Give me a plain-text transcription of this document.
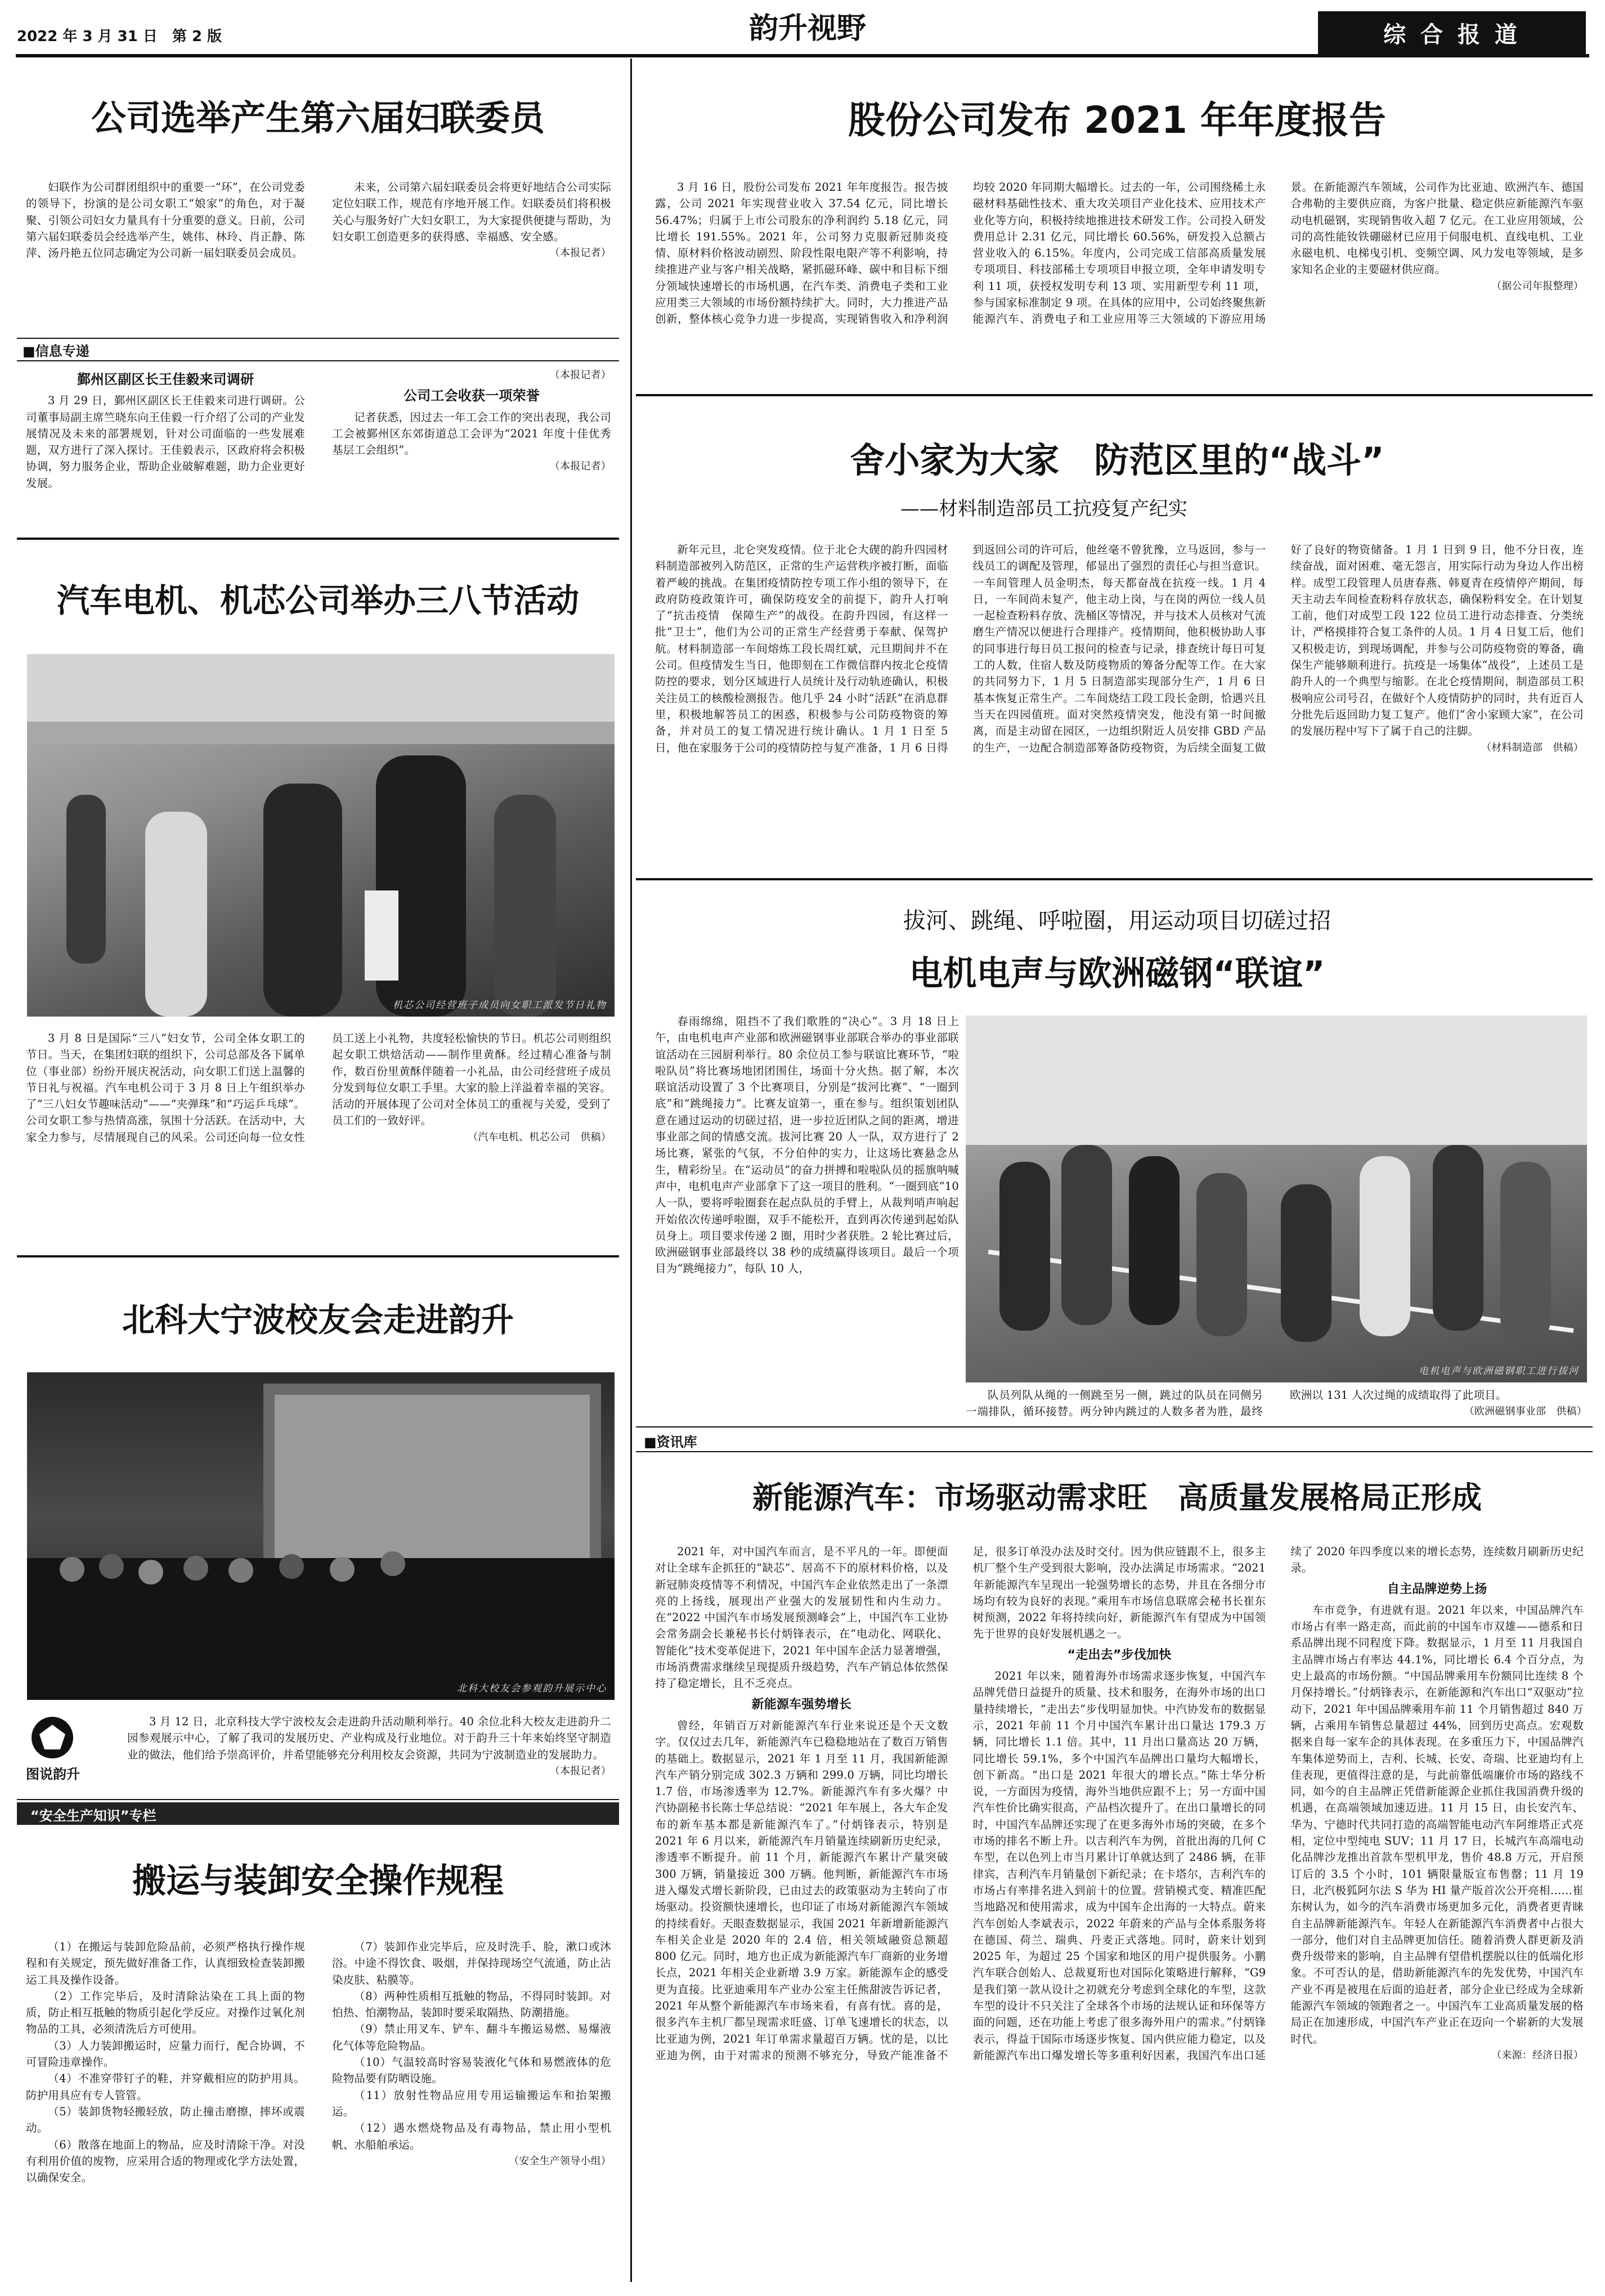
2022 年 3 月 31 日　第 2 版	韵升视野	综 合 报 道
公司选举产生第六届妇联委员

妇联作为公司群团组织中的重要一“环”，在公司党委的领导下，扮演的是公司女职工“娘家”的角色，对于凝聚、引领公司妇女力量具有十分重要的意义。日前，公司第六届妇联委员会经选举产生，姚伟、林玲、肖正静、陈萍、汤丹艳五位同志确定为公司新一届妇联委员会成员。

未来，公司第六届妇联委员会将更好地结合公司实际定位妇联工作，规范有序地开展工作。妇联委员们将积极关心与服务好广大妇女职工，为大家提供便捷与帮助，为妇女职工创造更多的获得感、幸福感、安全感。

（本报记者）

■信息专递

鄞州区副区长王佳毅来司调研

3 月 29 日，鄞州区副区长王佳毅来司进行调研。公司董事局副主席竺晓东向王佳毅一行介绍了公司的产业发展情况及未来的部署规划，针对公司面临的一些发展难题，双方进行了深入探讨。王佳毅表示，区政府将会积极协调，努力服务企业，帮助企业破解难题，助力企业更好发展。

（本报记者）

公司工会收获一项荣誉

记者获悉，因过去一年工会工作的突出表现，我公司工会被鄞州区东郊街道总工会评为“2021 年度十佳优秀基层工会组织”。

（本报记者）

汽车电机、机芯公司举办三八节活动
机芯公司经营班子成员向女职工派发节日礼物

3 月 8 日是国际“三八”妇女节，公司全体女职工的节日。当天，在集团妇联的组织下，公司总部及各下属单位（事业部）纷纷开展庆祝活动，向女职工们送上温馨的节日礼与祝福。汽车电机公司于 3 月 8 日上午组织举办了“三八妇女节趣味活动”——“夹弹珠”和“巧运乒乓球”。公司女职工参与热情高涨，氛围十分活跃。在活动中，大家全力参与，尽情展现自己的风采。公司还向每一位女性员工送上小礼物，共度轻松愉快的节日。机芯公司则组织起女职工烘焙活动——制作里黄酥。经过精心准备与制作，数百份里黄酥伴随着一小礼品，由公司经营班子成员分发到每位女职工手里。大家的脸上洋溢着幸福的笑容。活动的开展体现了公司对全体员工的重视与关爱，受到了员工们的一致好评。

（汽车电机、机芯公司　供稿）

北科大宁波校友会走进韵升
北科大校友会参观韵升展示中心
图说韵升

3 月 12 日，北京科技大学宁波校友会走进韵升活动顺利举行。40 余位北科大校友走进韵升二园参观展示中心，了解了我司的发展历史、产业构成及行业地位。对于韵升三十年来始终坚守制造业的做法，他们给予崇高评价，并希望能够充分利用校友会资源，共同为宁波制造业的发展助力。

（本报记者）

“安全生产知识”专栏
搬运与装卸安全操作规程

（1）在搬运与装卸危险品前，必须严格执行操作规程和有关规定，预先做好准备工作，认真细致检查装卸搬运工具及操作设备。

（2）工作完毕后，及时清除沾染在工具上面的物质，防止相互抵触的物质引起化学反应。对操作过氧化剂物品的工具，必须清洗后方可使用。

（3）人力装卸搬运时，应量力而行，配合协调，不可冒险违章操作。

（4）不准穿带钉子的鞋，并穿戴相应的防护用具。防护用具应有专人管管。

（5）装卸货物轻搬轻放，防止撞击磨擦，摔坏或震动。

（6）散落在地面上的物品，应及时清除干净。对没有利用价值的废物，应采用合适的物理或化学方法处置，以确保安全。

（7）装卸作业完毕后，应及时洗手、脸，漱口或沐浴。中途不得饮食、吸烟，并保持现场空气流通，防止沾染皮肤、粘膜等。

（8）两种性质相互抵触的物品，不得同时装卸。对怕热、怕潮物品，装卸时要采取隔热、防潮措施。

（9）禁止用叉车、铲车、翻斗车搬运易燃、易爆液化气体等危险物品。

（10）气温较高时容易装液化气体和易燃液体的危险物品要有防晒设施。

（11）放射性物品应用专用运输搬运车和抬架搬运。

（12）遇水燃烧物品及有毒物品，禁止用小型机帆、水船舶承运。

（安全生产领导小组）

股份公司发布 2021 年年度报告

3 月 16 日，股份公司发布 2021 年年度报告。报告披露，公司 2021 年实现营业收入 37.54 亿元，同比增长 56.47%；归属于上市公司股东的净利润约 5.18 亿元，同比增长 191.55%。2021 年，公司努力克服新冠肺炎疫情、原材料价格波动剧烈、阶段性限电限产等不利影响，持续推进产业与客户相关战略，紧抓磁环峰、碳中和目标下细分领域快速增长的市场机遇，在汽车类、消费电子类和工业应用类三大领域的市场份额持续扩大。同时，大力推进产品创新，整体核心竞争力进一步提高，实现销售收入和净利润均较 2020 年同期大幅增长。过去的一年，公司围绕稀土永磁材料基础性技术、重大攻关项目产业化技术、应用技术产业化等方向，积极持续地推进技术研发工作。公司投入研发费用总计 2.31 亿元，同比增长 60.56%，研发投入总额占营业收入的 6.15%。年度内，公司完成工信部高质量发展专项项目、科技部稀土专项项目申报立项，全年申请发明专利 11 项，获授权发明专利 13 项、实用新型专利 11 项，参与国家标准制定 9 项。在具体的应用中，公司始终聚焦新能源汽车、消费电子和工业应用等三大领域的下游应用场景。在新能源汽车领域，公司作为比亚迪、欧洲汽车、德国合弗勒的主要供应商，为客户批量、稳定供应新能源汽车驱动电机磁钢，实现销售收入超 7 亿元。在工业应用领域，公司的高性能钕铁硼磁材已应用于伺服电机、直线电机、工业永磁电机、电梯曳引机、变频空调、风力发电等领域，是多家知名企业的主要磁材供应商。

（据公司年报整理）

舍小家为大家　防范区里的“战斗”
——材料制造部员工抗疫复产纪实

新年元旦，北仑突发疫情。位于北仑大碶的韵升四园材料制造部被列入防范区，正常的生产运营秩序被打断，面临着严峻的挑战。在集团疫情防控专项工作小组的领导下，在政府防疫政策许可，确保防疫安全的前提下，韵升人打响了“抗击疫情　保障生产”的战役。在韵升四园，有这样一批“卫士”，他们为公司的正常生产经营勇于奉献、保驾护航。材料制造部一车间熔炼工段长周红斌，元旦期间并不在公司。但疫情发生当日，他即刻在工作微信群内按北仑疫情防控的要求，划分区域进行人员统计及行动轨迹确认，积极关注员工的核酸检测报告。他几乎 24 小时“活跃”在消息群里，积极地解答员工的困惑，积极参与公司防疫物资的筹备，并对员工的复工情况进行统计确认。1 月 1 日至 5 日，他在家服务于公司的疫情防控与复产准备，1 月 6 日得到返回公司的许可后，他丝毫不曾犹豫，立马返回，参与一线员工的调配及管理，郁显出了强烈的责任心与担当意识。一车间管理人员金明杰，每天都奋战在抗疫一线。1 月 4 日，一车间尚未复产，他主动上岗，与在岗的两位一线人员一起检查粉料存放、洗桶区等情况，并与技术人员核对气流磨生产情况以便进行合理排产。疫情期间，他积极协助人事的同事进行每日员工报问的检查与记录，排查统计每日可复工的人数，住宿人数及防疫物质的筹备分配等工作。在大家的共同努力下，1 月 5 日制造部实现部分生产，1 月 6 日基本恢复正常生产。二车间烧结工段工段长金朗，恰遇兴且当天在四园值班。面对突然疫情突发，他没有第一时间撤离，而是主动留在园区，一边组织附近人员安排 GBD 产品的生产，一边配合制造部筹备防疫物资，为后续全面复工做好了良好的物资储备。1 月 1 日到 9 日，他不分日夜，连续奋战，面对困难、毫无怨言，用实际行动为身边人作出榜样。成型工段管理人员唐春燕、韩夏青在疫情停产期间，每天主动去车间检查粉料存放状态，确保粉料安全。在计划复工前，他们对成型工段 122 位员工进行动态排查、分类统计，严格摸排符合复工条件的人员。1 月 4 日复工后，他们又积极走访，到现场调配，并参与公司防疫物资的筹备，确保生产能够顺利进行。抗疫是一场集体“战役”，上述员工是韵升人的一个典型与缩影。在北仑疫情期间，制造部员工积极响应公司号召，在做好个人疫情防护的同时，共有近百人分批先后返回助力复工复产。他们“舍小家顾大家”，在公司的发展历程中写下了属于自己的注脚。

（材料制造部　供稿）

拔河、跳绳、呼啦圈，用运动项目切磋过招
电机电声与欧洲磁钢“联谊”

春雨绵绵，阻挡不了我们歌胜的“决心”。3 月 18 日上午，由电机电声产业部和欧洲磁钢事业部联合举办的事业部联谊活动在三园厨利举行。80 余位员工参与联谊比赛环节，“啦啦队员”将比赛场地团团围住，场面十分火热。据了解，本次联谊活动设置了 3 个比赛项目，分别是“拔河比赛”、“一圈到底”和“跳绳接力”。比赛友谊第一，重在参与。组织策划团队意在通过运动的切磋过招，进一步拉近团队之间的距离，增进事业部之间的情感交流。拔河比赛 20 人一队，双方进行了 2 场比赛，紧张的气氛，不分伯仲的实力，让这场比赛悬念丛生，精彩纷呈。在“运动员”的奋力拼搏和啦啦队员的摇旗呐喊声中，电机电声产业部拿下了这一项目的胜利。“一圈到底”10 人一队，要将呼啦圈套在起点队员的手臂上，从裁判哨声响起开始依次传递呼啦圈，双手不能松开，直到再次传递到起始队员身上。项目要求传递 2 圈，用时少者获胜。2 轮比赛过后，欧洲磁钢事业部最终以 38 秒的成绩赢得该项目。最后一个项目为“跳绳接力”，每队 10 人，

电机电声与欧洲磁钢职工进行拔河

队员列队从绳的一侧跳至另一侧，跳过的队员在同侧另一端排队，循环接替。两分钟内跳过的人数多者为胜，最终欧洲以 131 人次过绳的成绩取得了此项目。

（欧洲磁钢事业部　供稿）

■资讯库
新能源汽车：市场驱动需求旺　高质量发展格局正形成

2021 年，对中国汽车而言，是不平凡的一年。即便面对让全球车企抓狂的“缺芯”、居高不下的原材料价格，以及新冠肺炎疫情等不利情况，中国汽车企业依然走出了一条漂亮的上扬线，展现出产业强大的发展韧性和内生动力。在“2022 中国汽车市场发展预测峰会”上，中国汽车工业协会常务副会长兼秘书长付炳锋表示，在“电动化、网联化、智能化”技术变革促进下，2021 年中国车企活力显著增强，市场消费需求继续呈现提质升级趋势，汽车产销总体依然保持了稳定增长，且不乏亮点。

新能源车强势增长

曾经，年销百万对新能源汽车行业来说还是个天文数字。仅仅过去几年，新能源汽车已稳稳地站在了数百万销售的基础上。数据显示，2021 年 1 月至 11 月，我国新能源汽车产销分别完成 302.3 万辆和 299.0 万辆，同比均增长 1.7 倍，市场渗透率为 12.7%。新能源汽车有多火爆？中汽协副秘书长陈士华总结说：“2021 年车展上，各大车企发布的新车基本都是新能源汽车了。”付炳锋表示，特别是 2021 年 6 月以来，新能源汽车月销量连续刷新历史纪录，渗透率不断提升。前 11 个月，新能源汽车累计产量突破 300 万辆，销量接近 300 万辆。他判断，新能源汽车市场进入爆发式增长新阶段，已由过去的政策驱动为主转向了市场驱动。投资额快速增长，也印证了市场对新能源汽车领域的持续看好。天眼查数据显示，我国 2021 年新增新能源汽车相关企业是 2020 年的 2.4 倍，相关领域融资总额超 800 亿元。同时，地方也正成为新能源汽车厂商新的业务增长点，2021 年相关企业新增 3.9 万家。新能源车企的感受更为直接。比亚迪乘用车产业办公室主任熊甜波告诉记者，2021 年从整个新能源汽车市场来看，有喜有忧。喜的是，很多汽车主机厂都呈现需求旺盛、订单飞速增长的状态，以比亚迪为例，2021 年订单需求量超百万辆。忧的是，以比亚迪为例，由于对需求的预测不够充分，导致产能准备不足，很多订单没办法及时交付。因为供应链跟不上，很多主机厂整个生产受到很大影响，没办法满足市场需求。“2021 年新能源汽车呈现出一轮强势增长的态势，并且在各细分市场均有较为良好的表现。”乘用车市场信息联席会秘书长崔东树预测，2022 年将持续向好，新能源汽车有望成为中国领先于世界的良好发展机遇之一。

“走出去”步伐加快

2021 年以来，随着海外市场需求逐步恢复，中国汽车品牌凭借日益提升的质量、技术和服务，在海外市场的出口量持续增长，“走出去”步伐明显加快。中汽协发布的数据显示，2021 年前 11 个月中国汽车累计出口量达 179.3 万辆，同比增长 1.1 倍。其中，11 月出口量高达 20 万辆，同比增长 59.1%，多个中国汽车品牌出口量均大幅增长，创下新高。“出口是 2021 年很大的增长点。”陈士华分析说，一方面因为疫情，海外当地供应跟不上；另一方面中国汽车性价比确实很高，产品档次提升了。在出口量增长的同时，中国汽车品牌还实现了在更多海外市场的突破，在多个市场的排名不断上升。以吉利汽车为例，首批出海的几何 C 车型，在以色列上市当月累计订单就达到了 2486 辆，在菲律宾，吉利汽车月销量创下新纪录；在卡塔尔，吉利汽车的市场占有率排名进入到前十的位置。营销模式变、精准匹配当地路况和使用需求，成为中国车企出海的一大特点。蔚来汽车创始人李斌表示，2022 年蔚来的产品与全体系服务将在德国、荷兰、瑞典、丹麦正式落地。同时，蔚来计划到 2025 年，为超过 25 个国家和地区的用户提供服务。小鹏汽车联合创始人、总裁夏珩也对国际化策略进行解释，“G9 是我们第一款从设计之初就充分考虑到全球化的车型，这款车型的设计不只关注了全球各个市场的法规认证和环保等方面的问题，还在功能上考虑了很多海外用户的需求。”付炳锋表示，得益于国际市场逐步恢复、国内供应能力稳定，以及新能源汽车出口爆发增长等多重利好因素，我国汽车出口延续了 2020 年四季度以来的增长态势，连续数月刷新历史纪录。

自主品牌逆势上扬

车市竞争，有进就有退。2021 年以来，中国品牌汽车市场占有率一路走高，而此前的中国车市双雄——德系和日系品牌出现不同程度下降。数据显示，1 月至 11 月我国自主品牌市场占有率达 44.1%，同比增长 6.4 个百分点，为史上最高的市场份额。“中国品牌乘用车份额同比连续 8 个月保持增长。”付炳锋表示，在新能源和汽车出口“双驱动”拉动下，2021 年中国品牌乘用车前 11 个月销售超过 840 万辆，占乘用车销售总量超过 44%，回到历史高点。宏观数据来自每一家车企的具体表现。在多重压力下，中国品牌汽车集体逆势而上，吉利、长城、长安、奇瑞、比亚迪均有上佳表现，更值得注意的是，与此前靠低端廉价市场的路线不同，如今的自主品牌正凭借新能源企业抓住我国消费升级的机遇，在高端领域加速迈进。11 月 15 日，由长安汽车、华为、宁德时代共同打造的高端智能电动汽车阿维塔正式亮相，定位中型纯电 SUV；11 月 17 日，长城汽车高端电动化品牌沙龙推出首款车型机甲龙，售价 48.8 万元，开启预订后的 3.5 个小时，101 辆限量版宣布售罄；11 月 19 日，北汽极狐阿尔法 S 华为 HI 量产版首次公开亮相……崔东树认为，如今的汽车消费市场更加多元化，消费者更青睐自主品牌新能源汽车。年轻人在新能源汽车消费者中占很大一部分，他们对自主品牌更加信任。随着消费人群更新及消费升级带来的影响，自主品牌有望借机摆脱以往的低端化形象。不可否认的是，借助新能源汽车的先发优势，中国汽车产业不再是被甩在后面的追赶者，部分企业已经成为全球新能源汽车领域的领跑者之一。中国汽车工业高质量发展的格局正在加速形成，中国汽车产业正在迈向一个崭新的大发展时代。

（来源：经济日报）
